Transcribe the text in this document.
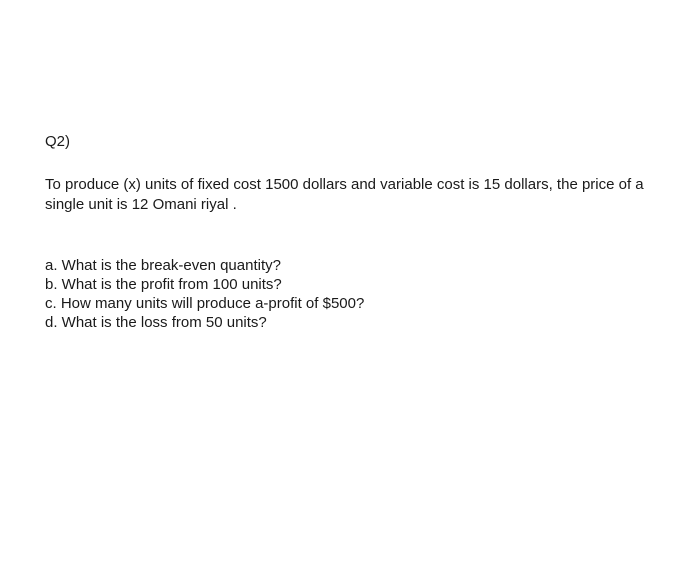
Q2)

To produce (x) units of fixed cost 1500 dollars and variable cost is 15 dollars, the price of a single unit is 12 Omani riyal .

a. What is the break-even quantity?
b. What is the profit from 100 units?
c. How many units will produce a-profit of $500?
d. What is the loss from 50 units?
